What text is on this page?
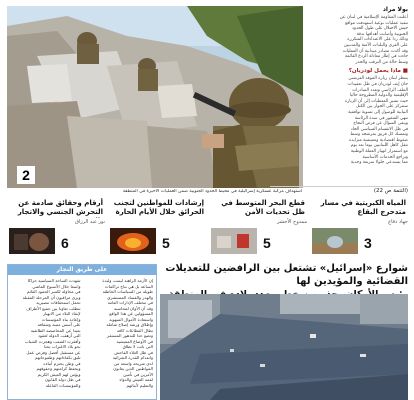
2
استهداف مركبة عسكرية إسرائيلية في محيط الحدود الجنوبية ضمن العمليات الأخيرة في المنطقة
بولا مراد
أعلنت المقاومة الإسلامية في لبنان عن
تنفيذ عمليات نوعية استهدفت مواقع
جيش الاحتلال على طول الحدود
الجنوبية وأصابت أهدافها بدقة
وذلك ردا على الاعتداءات المتكررة
على القرى والبلدات الآمنة والمدنيين
وقد أكدت مصادر ميدانية أن العمليات
جاءت في إطار معادلة الردع القائمة
وسط حالة من الترقب والحذر
■ ماذا يحمل لودريان؟
ينتظر لبنان زيارة الموفد الفرنسي
جان إيف لودريان في ظل تعقيدات
الملف الرئاسي وتعدد المبادرات
الإقليمية والدولية المطروحة حاليا
حيث تشير المعطيات إلى أن الزيارة
ستتركز على الحوار بين الكتل
النيابية للوصول إلى تسوية توافقية
تنهي الشغور في سدة الرئاسة
ويبقى السؤال عن فرص النجاح
في ظل الانقسام السياسي الحاد
وتمسك كل فريق بمرشحه وسط
ضغوط اقتصادية ومعيشية متزايدة
تثقل كاهل اللبنانيين يوما بعد يوم
مع استمرار انهيار العملة الوطنية
وتراجع الخدمات الأساسية
مما يستدعي حلولا سريعة وجدية
(التتمة ص 22)
أرقام وحقائق صادمة عن التحرش الجنسي والاتجار
نور عبد الرزاق
6
إرشادات للمواطنين لتجنب الحرائق خلال الأيام الحارة
5
قطع البحر المتوسط في ظل تحديات الأمن
ممدوح الأخشر
5
المياه الكبريتية في مسار متدحرج البقاع
جهاد دقاع
3
على طريق النجار
شهدت الساحة السياسية حراكا
واسعا خلال الأسبوع الماضي
في محاولة لكسر الجمود القائم
ويرى مراقبون أن المرحلة المقبلة
تحمل استحقاقات مصيرية
تتطلب تعاونا بين جميع الأطراف
لإنقاذ البلاد من الانهيار
وإعادة بناء المؤسسات
على أسس متينة وشفافة
بعيدا عن المحاصصة الطائفية
التي أرهقت الدولة لعقود
وأفقرت الشعب وهجرت الشباب
نحو بلاد الاغتراب بحثا
عن مستقبل أفضل وفرص عمل
تليق بكفاءاتهم وطموحاتهم
في وطن يحترم أبناءه
ويحفظ كرامتهم وحقوقهم
ويؤمن لهم العيش الكريم
في ظل دولة القانون
والمؤسسات الفاعلة
إن الأزمة الراهنة ليست وليدة
الساعة بل هي نتاج تراكمات
طويلة من السياسات الخاطئة
والهدر والفساد المستشري
في مختلف الإدارات العامة
وقد آن الأوان لمحاسبة
المسؤولين عن هذا الواقع
واستعادة الأموال المنهوبة
وإطلاق ورشة إصلاح شاملة
تطال القطاعات كافة
وتضع حدا للتدهور المستمر
في الأوضاع المعيشية
التي باتت لا تطاق
في ظل الغلاء الفاحش
وانعدام القدرة الشرائية
لدى شريحة واسعة من
المواطنين الذين يعانون
الأمرين في تأمين
لقمة العيش والدواء
والتعليم لأبنائهم
شوارع «إسرائيل» تشتعل بين الرافضين للتعديلات القضائية والمؤيدين لها
